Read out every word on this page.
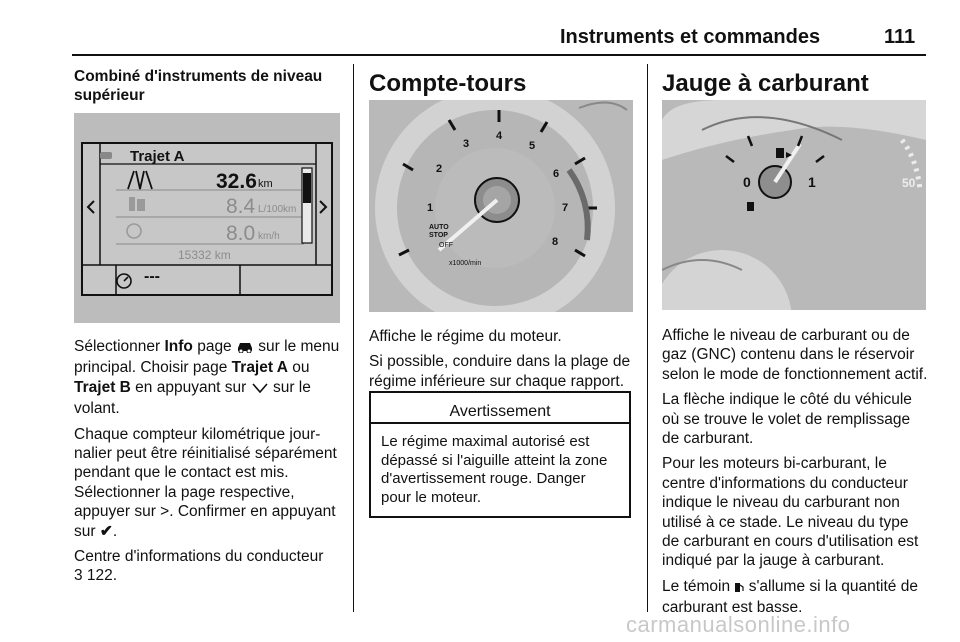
Instruments et commandes	111
Combiné d'instruments de niveau supérieur
Trajet A
32.6 km
8.4 L/100km
8.0 km/h
15332 km
---

Sélectionner Info page  sur le menu principal. Choisir page Trajet A ou Trajet B en appuyant sur  sur le volant.

Chaque compteur kilométrique journalier peut être réinitialisé séparément pendant que le contact est mis. Sélectionner la page respective, appuyer sur >. Confirmer en appuyant sur ✔.

Centre d'informations du conducteur
3 122.

Compte-tours
1
2
3
4
5
6
7
8
AUTO STOP
OFF
x1000/min

Affiche le régime du moteur.

Si possible, conduire dans la plage de régime inférieure sur chaque rapport.

Avertissement
Le régime maximal autorisé est dépassé si l'aiguille atteint la zone d'avertissement rouge. Danger pour le moteur.
Jauge à carburant
0	1	50

Affiche le niveau de carburant ou de gaz (GNC) contenu dans le réservoir selon le mode de fonctionnement actif.

La flèche indique le côté du véhicule où se trouve le volet de remplissage de carburant.

Pour les moteurs bi-carburant, le centre d'informations du conducteur indique le niveau du carburant non utilisé à ce stade. Le niveau du type de carburant en cours d'utilisation est indiqué par la jauge à carburant.

Le témoin  s'allume si la quantité de carburant est basse.

carmanualsonline.info
